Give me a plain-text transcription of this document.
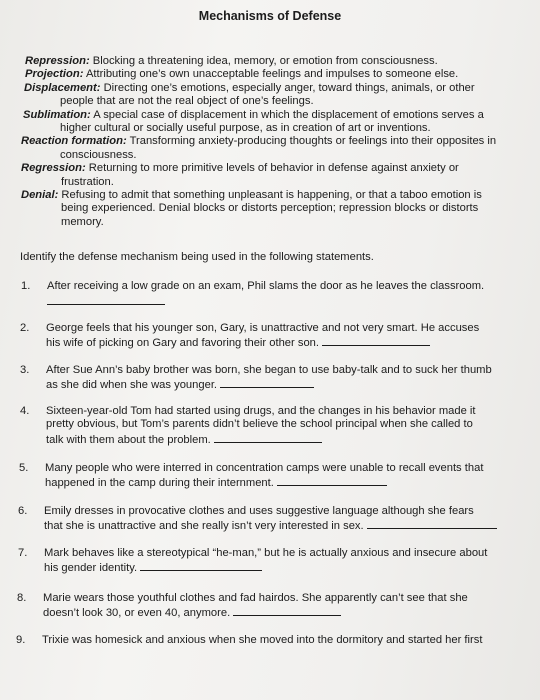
Mechanisms of Defense
Repression: Blocking a threatening idea, memory, or emotion from consciousness.
Projection: Attributing one’s own unacceptable feelings and impulses to someone else.
Displacement: Directing one’s emotions, especially anger, toward things, animals, or other
people that are not the real object of one’s feelings.
Sublimation: A special case of displacement in which the displacement of emotions serves a
higher cultural or socially useful purpose, as in creation of art or inventions.
Reaction formation: Transforming anxiety-producing thoughts or feelings into their opposites in
consciousness.
Regression: Returning to more primitive levels of behavior in defense against anxiety or
frustration.
Denial: Refusing to admit that something unpleasant is happening, or that a taboo emotion is
being experienced. Denial blocks or distorts perception; repression blocks or distorts
memory.
Identify the defense mechanism being used in the following statements.
1. After receiving a low grade on an exam, Phil slams the door as he leaves the classroom.
2. George feels that his younger son, Gary, is unattractive and not very smart. He accuses
his wife of picking on Gary and favoring their other son.
3. After Sue Ann’s baby brother was born, she began to use baby-talk and to suck her thumb
as she did when she was younger.
4. Sixteen-year-old Tom had started using drugs, and the changes in his behavior made it
pretty obvious, but Tom’s parents didn’t believe the school principal when she called to
talk with them about the problem.
5. Many people who were interred in concentration camps were unable to recall events that
happened in the camp during their internment.
6. Emily dresses in provocative clothes and uses suggestive language although she fears
that she is unattractive and she really isn’t very interested in sex.
7. Mark behaves like a stereotypical “he-man,” but he is actually anxious and insecure about
his gender identity.
8. Marie wears those youthful clothes and fad hairdos. She apparently can’t see that she
doesn’t look 30, or even 40, anymore.
9. Trixie was homesick and anxious when she moved into the dormitory and started her first
